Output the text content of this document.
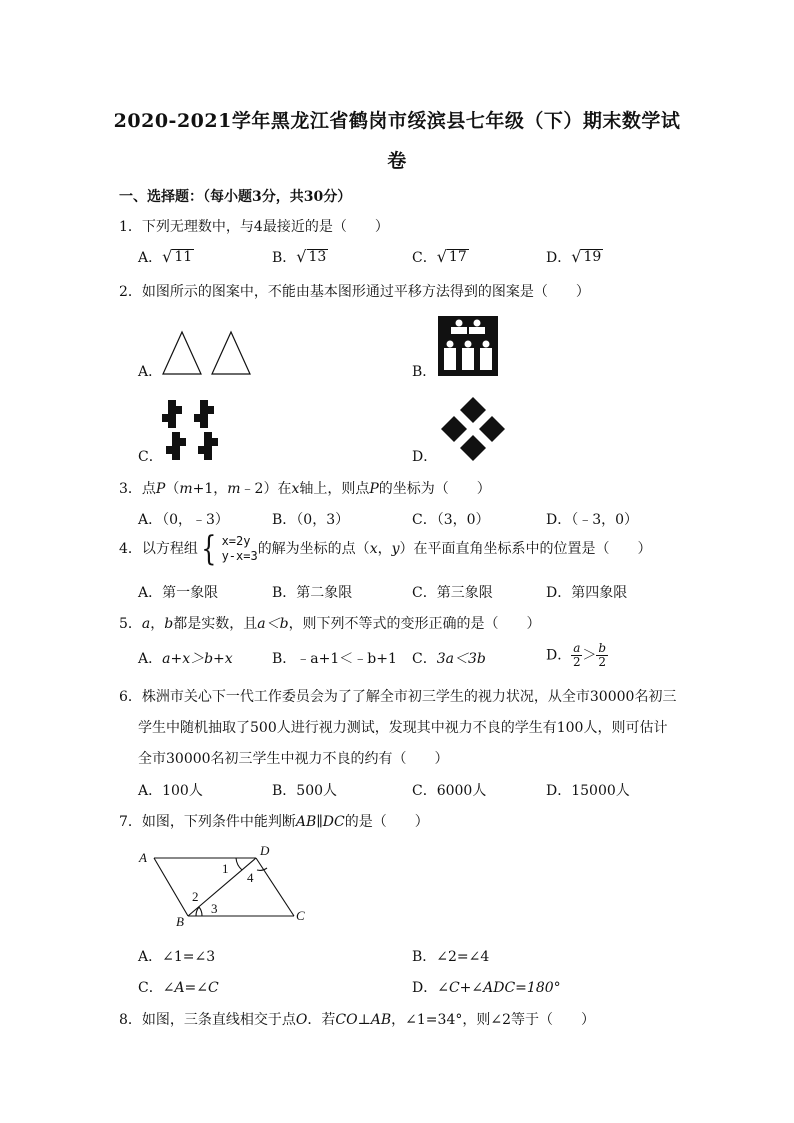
2020-2021学年黑龙江省鹤岗市绥滨县七年级（下）期末数学试
卷
一、选择题：（每小题3分，共30分）
1．下列无理数中，与4最接近的是（　　）
A． √ 11	B． √ 13	C． √ 17	D． √ 19
2．如图所示的图案中，不能由基本图形通过平移方法得到的图案是（　　）
A．	B．
C．	D．
3．点P（m+1，m﹣2）在x轴上，则点P的坐标为（　　）
A．（0，﹣3）	B．（0，3）	C．（3，0）	D．（﹣3，0）
4．以方程组 { x=2y
y-x=3 的解为坐标的点（x，y）在平面直角坐标系中的位置是（　　）
A．第一象限	B．第二象限	C．第三象限	D．第四象限
5．a，b都是实数，且a＜b，则下列不等式的变形正确的是（　　）
A．a+x＞b+x	B．﹣a+1＜﹣b+1 C．3a＜3b	D． $\frac{a}{2} > \frac{b}{2}$
6．株洲市关心下一代工作委员会为了了解全市初三学生的视力状况，从全市30000名初三
学生中随机抽取了500人进行视力测试，发现其中视力不良的学生有100人，则可估计
全市30000名初三学生中视力不良的约有（　　）
A．100人	B．500人	C．6000人	D．15000人
7．如图，下列条件中能判断AB∥DC的是（　　）
A
B	C
D
1
2
3
4
A．∠1=∠3	B．∠2=∠4
C．∠A=∠C	D．∠C+∠ADC=180°
8．如图，三条直线相交于点O．若CO⊥AB，∠1=34°，则∠2等于（　　）
